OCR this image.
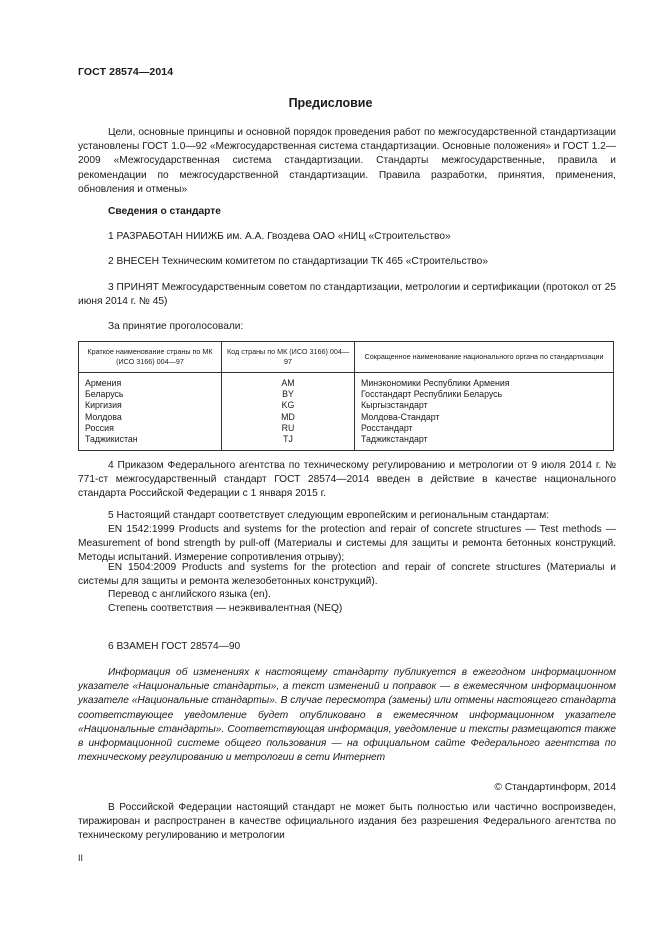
ГОСТ 28574—2014
Предисловие
Цели, основные принципы и основной порядок проведения работ по межгосударственной стандартизации установлены ГОСТ 1.0—92 «Межгосударственная система стандартизации. Основные положения» и ГОСТ 1.2—2009 «Межгосударственная система стандартизации. Стандарты межгосударственные, правила и рекомендации по межгосударственной стандартизации. Правила разработки, принятия, применения, обновления и отмены»
Сведения о стандарте
1 РАЗРАБОТАН НИИЖБ им. А.А. Гвоздева ОАО «НИЦ «Строительство»
2 ВНЕСЕН Техническим комитетом по стандартизации ТК 465 «Строительство»
3 ПРИНЯТ Межгосударственным советом по стандартизации, метрологии и сертификации (протокол от 25 июня 2014 г. № 45)
За принятие проголосовали:
Краткое наименование страны по МК (ИСО 3166) 004—97	Код страны по МК (ИСО 3166) 004—97	Сокращенное наименование национального органа по стандартизации
Армения	AM	Минэкономики Республики Армения
Беларусь	BY	Госстандарт Республики Беларусь
Киргизия	KG	Кыргызстандарт
Молдова	MD	Молдова-Стандарт
Россия	RU	Росстандарт
Таджикистан	TJ	Таджикстандарт
4 Приказом Федерального агентства по техническому регулированию и метрологии от 9 июля 2014 г. № 771-ст межгосударственный стандарт ГОСТ 28574—2014 введен в действие в качестве национального стандарта Российской Федерации с 1 января 2015 г.
5 Настоящий стандарт соответствует следующим европейским и региональным стандартам:
EN 1542:1999 Products and systems for the protection and repair of concrete structures — Test methods — Measurement of bond strength by pull-off (Материалы и системы для защиты и ремонта бетонных конструкций. Методы испытаний. Измерение сопротивления отрыву);
EN 1504:2009 Products and systems for the protection and repair of concrete structures (Материалы и системы для защиты и ремонта железобетонных конструкций).
Перевод с английского языка (en).
Степень соответствия — неэквивалентная (NEQ)
6 ВЗАМЕН ГОСТ 28574—90
Информация об изменениях к настоящему стандарту публикуется в ежегодном информационном указателе «Национальные стандарты», а текст изменений и поправок — в ежемесячном информационном указателе «Национальные стандарты». В случае пересмотра (замены) или отмены настоящего стандарта соответствующее уведомление будет опубликовано в ежемесячном информационном указателе «Национальные стандарты». Соответствующая информация, уведомление и тексты размещаются также в информационной системе общего пользования — на официальном сайте Федерального агентства по техническому регулированию и метрологии в сети Интернет
© Стандартинформ, 2014
В Российской Федерации настоящий стандарт не может быть полностью или частично воспроизведен, тиражирован и распространен в качестве официального издания без разрешения Федерального агентства по техническому регулированию и метрологии
II
